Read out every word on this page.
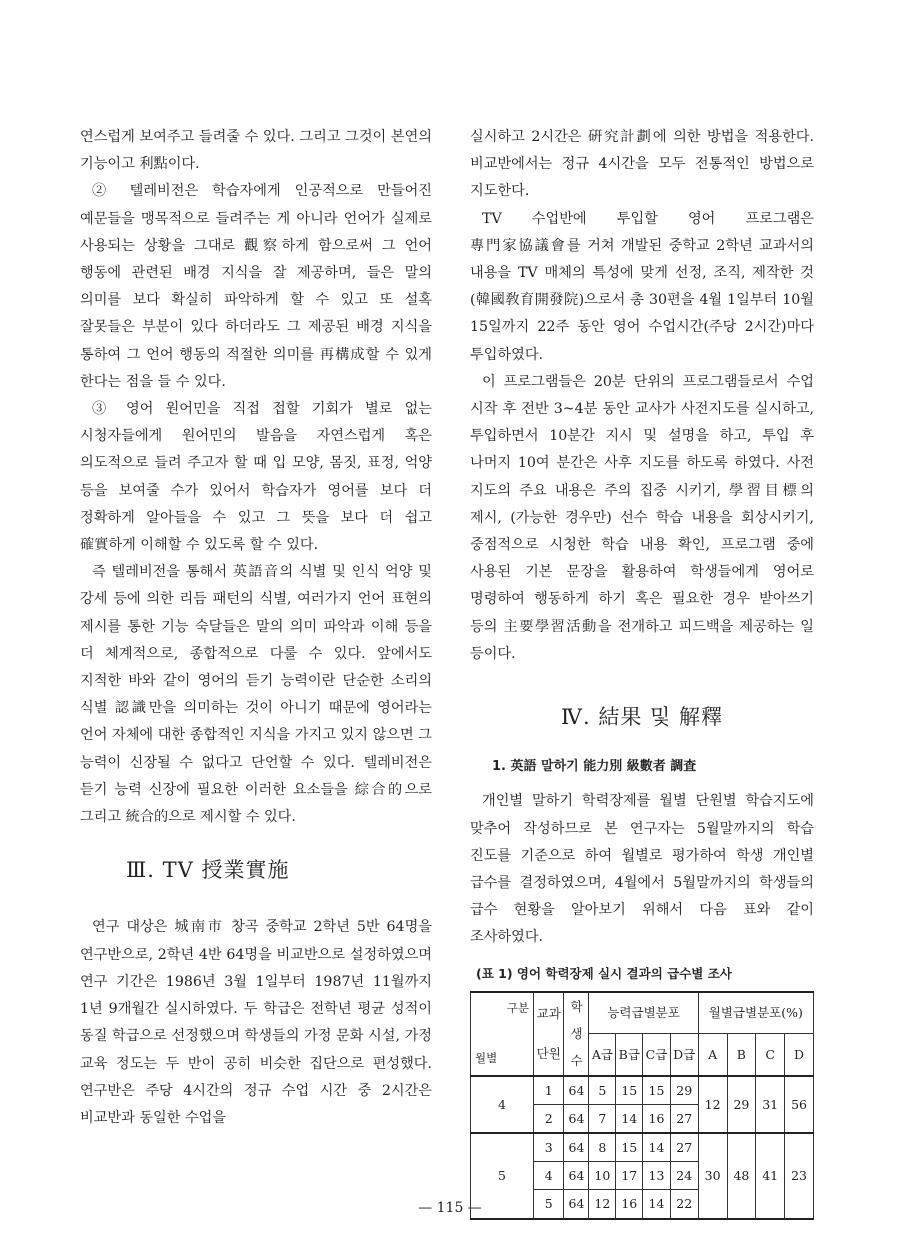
연스럽게 보여주고 들려줄 수 있다. 그리고 그것이 본연의 기능이고 利點이다.

② 텔레비전은 학습자에게 인공적으로 만들어진 예문들을 맹목적으로 들려주는 게 아니라 언어가 실제로 사용되는 상황을 그대로 觀察하게 함으로써 그 언어 행동에 관련된 배경 지식을 잘 제공하며, 들은 말의 의미를 보다 확실히 파악하게 할 수 있고 또 설혹 잘못들은 부분이 있다 하더라도 그 제공된 배경 지식을 통하여 그 언어 행동의 적절한 의미를 再構成할 수 있게 한다는 점을 들 수 있다.

③ 영어 원어민을 직접 접할 기회가 별로 없는 시청자들에게 원어민의 발음을 자연스럽게 혹은 의도적으로 들려 주고자 할 때 입 모양, 몸짓, 표정, 억양 등을 보여줄 수가 있어서 학습자가 영어를 보다 더 정확하게 알아들을 수 있고 그 뜻을 보다 더 쉽고 確實하게 이해할 수 있도록 할 수 있다.

즉 텔레비전을 통해서 英語音의 식별 및 인식 억양 및 강세 등에 의한 리듬 패턴의 식별, 여러가지 언어 표현의 제시를 통한 기능 숙달들은 말의 의미 파악과 이해 등을 더 체계적으로, 종합적으로 다룰 수 있다. 앞에서도 지적한 바와 같이 영어의 듣기 능력이란 단순한 소리의 식별 認識만을 의미하는 것이 아니기 때문에 영어라는 언어 자체에 대한 종합적인 지식을 가지고 있지 않으면 그 능력이 신장될 수 없다고 단언할 수 있다. 텔레비전은 듣기 능력 신장에 필요한 이러한 요소들을 綜合的으로 그리고 統合的으로 제시할 수 있다.

Ⅲ. TV 授業實施

연구 대상은 城南市 창곡 중학교 2학년 5반 64명을 연구반으로, 2학년 4반 64명을 비교반으로 설정하였으며 연구 기간은 1986년 3월 1일부터 1987년 11월까지 1년 9개월간 실시하였다. 두 학급은 전학년 평균 성적이 동질 학급으로 선정했으며 학생들의 가정 문화 시설, 가정 교육 정도는 두 반이 공히 비슷한 집단으로 편성했다. 연구반은 주당 4시간의 정규 수업 시간 중 2시간은 비교반과 동일한 수업을

실시하고 2시간은 硏究計劃에 의한 방법을 적용한다. 비교반에서는 정규 4시간을 모두 전통적인 방법으로 지도한다.

TV 수업반에 투입할 영어 프로그램은 專門家協議會를 거쳐 개발된 중학교 2학년 교과서의 내용을 TV 매체의 특성에 맞게 선정, 조직, 제작한 것(韓國敎育開發院)으로서 총 30편을 4월 1일부터 10월 15일까지 22주 동안 영어 수업시간(주당 2시간)마다 투입하였다.

이 프로그램들은 20분 단위의 프로그램들로서 수업 시작 후 전반 3~4분 동안 교사가 사전지도를 실시하고, 투입하면서 10분간 지시 및 설명을 하고, 투입 후 나머지 10여 분간은 사후 지도를 하도록 하였다. 사전 지도의 주요 내용은 주의 집중 시키기, 學習目標의 제시, (가능한 경우만) 선수 학습 내용을 회상시키기, 중점적으로 시청한 학습 내용 확인, 프로그램 중에 사용된 기본 문장을 활용하여 학생들에게 영어로 명령하여 행동하게 하기 혹은 필요한 경우 받아쓰기 등의 主要學習活動을 전개하고 피드백을 제공하는 일 등이다.

Ⅳ. 結果 및 解釋
1. 英語 말하기 能力別 級數者 調査

개인별 말하기 학력장제를 월별 단원별 학습지도에 맞추어 작성하므로 본 연구자는 5월말까지의 학습 진도를 기준으로 하여 월별로 평가하여 학생 개인별 급수를 결정하였으며, 4월에서 5월말까지의 학생들의 급수 현황을 알아보기 위해서 다음 표와 같이 조사하였다.

(표 1) 영어 학력장제 실시 결과의 급수별 조사
구분
월별	교과	학생수	능력급별분포				월별급별분포(%)			
	단원		A급	B급	C급	D급	A	B	C	D
4	1	64	5	15	15	29	12	29	31	56
	2	64	7	14	16	27				
5	3	64	8	15	14	27	30	48	41	23
	4	64	10	17	13	24				
	5	64	12	16	14	22				
— 115 —
